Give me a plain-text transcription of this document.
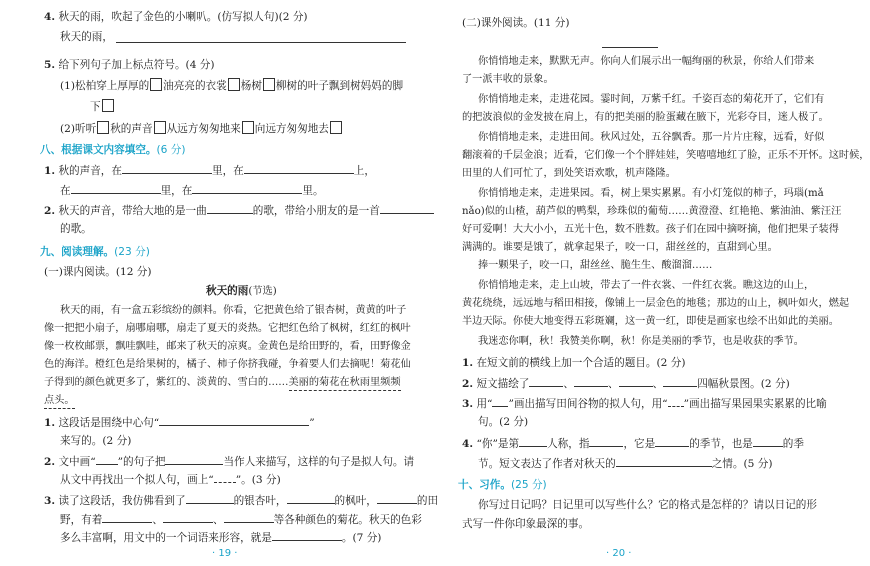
4. 秋天的雨，吹起了金色的小喇叭。(仿写拟人句)(2 分)
秋天的雨，
5. 给下列句子加上标点符号。(4 分)
(1)松柏穿上厚厚的 油亮亮的衣裳 杨树 柳树的叶子飘到树妈妈的脚
下
(2)听听 秋的声音 从远方匆匆地来 向远方匆匆地去
八、根据课文内容填空。(6 分)
1. 秋的声音，在	里，在	上，
在	里，在	里。
2. 秋天的声音，带给大地的是一曲	的歌，带给小朋友的是一首
的歌。
九、阅读理解。(23 分)
(一)课内阅读。(12 分)
秋天的雨(节选)
秋天的雨，有一盒五彩缤纷的颜料。你看，它把黄色给了银杏树，黄黄的叶子
像一把把小扇子，扇哪扇哪，扇走了夏天的炎热。它把红色给了枫树，红红的枫叶
像一枚枚邮票，飘哇飘哇，邮来了秋天的凉爽。金黄色是给田野的，看，田野像金
色的海洋。橙红色是给果树的，橘子、柿子你挤我碰，争着要人们去摘呢！菊花仙
子得到的颜色就更多了，紫红的、淡黄的、雪白的……美丽的菊花在秋雨里频频
点头。
1. 这段话是围绕中心句“	”
来写的。(2 分)
2. 文中画“ ”的句子把	当作人来描写，这样的句子是拟人句。请
从文中再找出一个拟人句，画上“ ”。(3 分)
3. 读了这段话，我仿佛看到了	的银杏叶，	的枫叶，	的田
野，有着	、	、	等各种颜色的菊花。秋天的色彩
多么丰富啊，用文中的一个词语来形容，就是	。(7 分)
· 19 ·
(二)课外阅读。(11 分)
你悄悄地走来，默默无声。你向人们展示出一幅绚丽的秋景，你给人们带来
了一派丰收的景象。
你悄悄地走来，走进花园。霎时间，万紫千红。千姿百态的菊花开了，它们有
的把波浪似的金发披在肩上，有的把美丽的脸蛋藏在腋下，光彩夺目，迷人极了。
你悄悄地走来，走进田间。秋风过处，五谷飘香。那一片片庄稼，远看，好似
翻滚着的千层金浪；近看，它们像一个个胖娃娃，笑嘻嘻地红了脸，正乐不开怀。这时候，
田里的人们可忙了，到处笑语欢歌，机声隆隆。
你悄悄地走来，走进果园。看，树上果实累累。有小灯笼似的柿子，玛瑙(mǎ
nǎo)似的山楂，葫芦似的鸭梨，珍珠似的葡萄……黄澄澄、红艳艳、紫油油、紫汪汪
好可爱啊！大大小小，五光十色，数不胜数。孩子们在园中摘呀摘，他们把果子装得
满满的。谁要是饿了，就拿起果子，咬一口，甜丝丝的，直甜到心里。
捧一颗果子，咬一口，甜丝丝、脆生生、酸溜溜……
你悄悄地走来，走上山坡，带去了一件衣裳、一件红衣裳。瞧这边的山上，
黄花绕绕，远远地与稻田相接，像铺上一层金色的地毯；那边的山上，枫叶如火，燃起
半边天际。你使大地变得五彩斑斓，这一黄一红，即使是画家也绘不出如此的美丽。
我迷恋你啊，秋！我赞美你啊，秋！你是美丽的季节，也是收获的季节。
1. 在短文前的横线上加一个合适的题目。(2 分)
2. 短文描绘了	、	、	、	四幅秋景图。(2 分)
3. 用“ ”画出描写田间谷物的拟人句，用“ ”画出描写果园果实累累的比喻
句。(2 分)
4. “你”是第	人称，指	，它是	的季节，也是	的季
节。短文表达了作者对秋天的	之情。(5 分)
十、习作。(25 分)
你写过日记吗？日记里可以写些什么？它的格式是怎样的？请以日记的形
式写一件你印象最深的事。
· 20 ·
